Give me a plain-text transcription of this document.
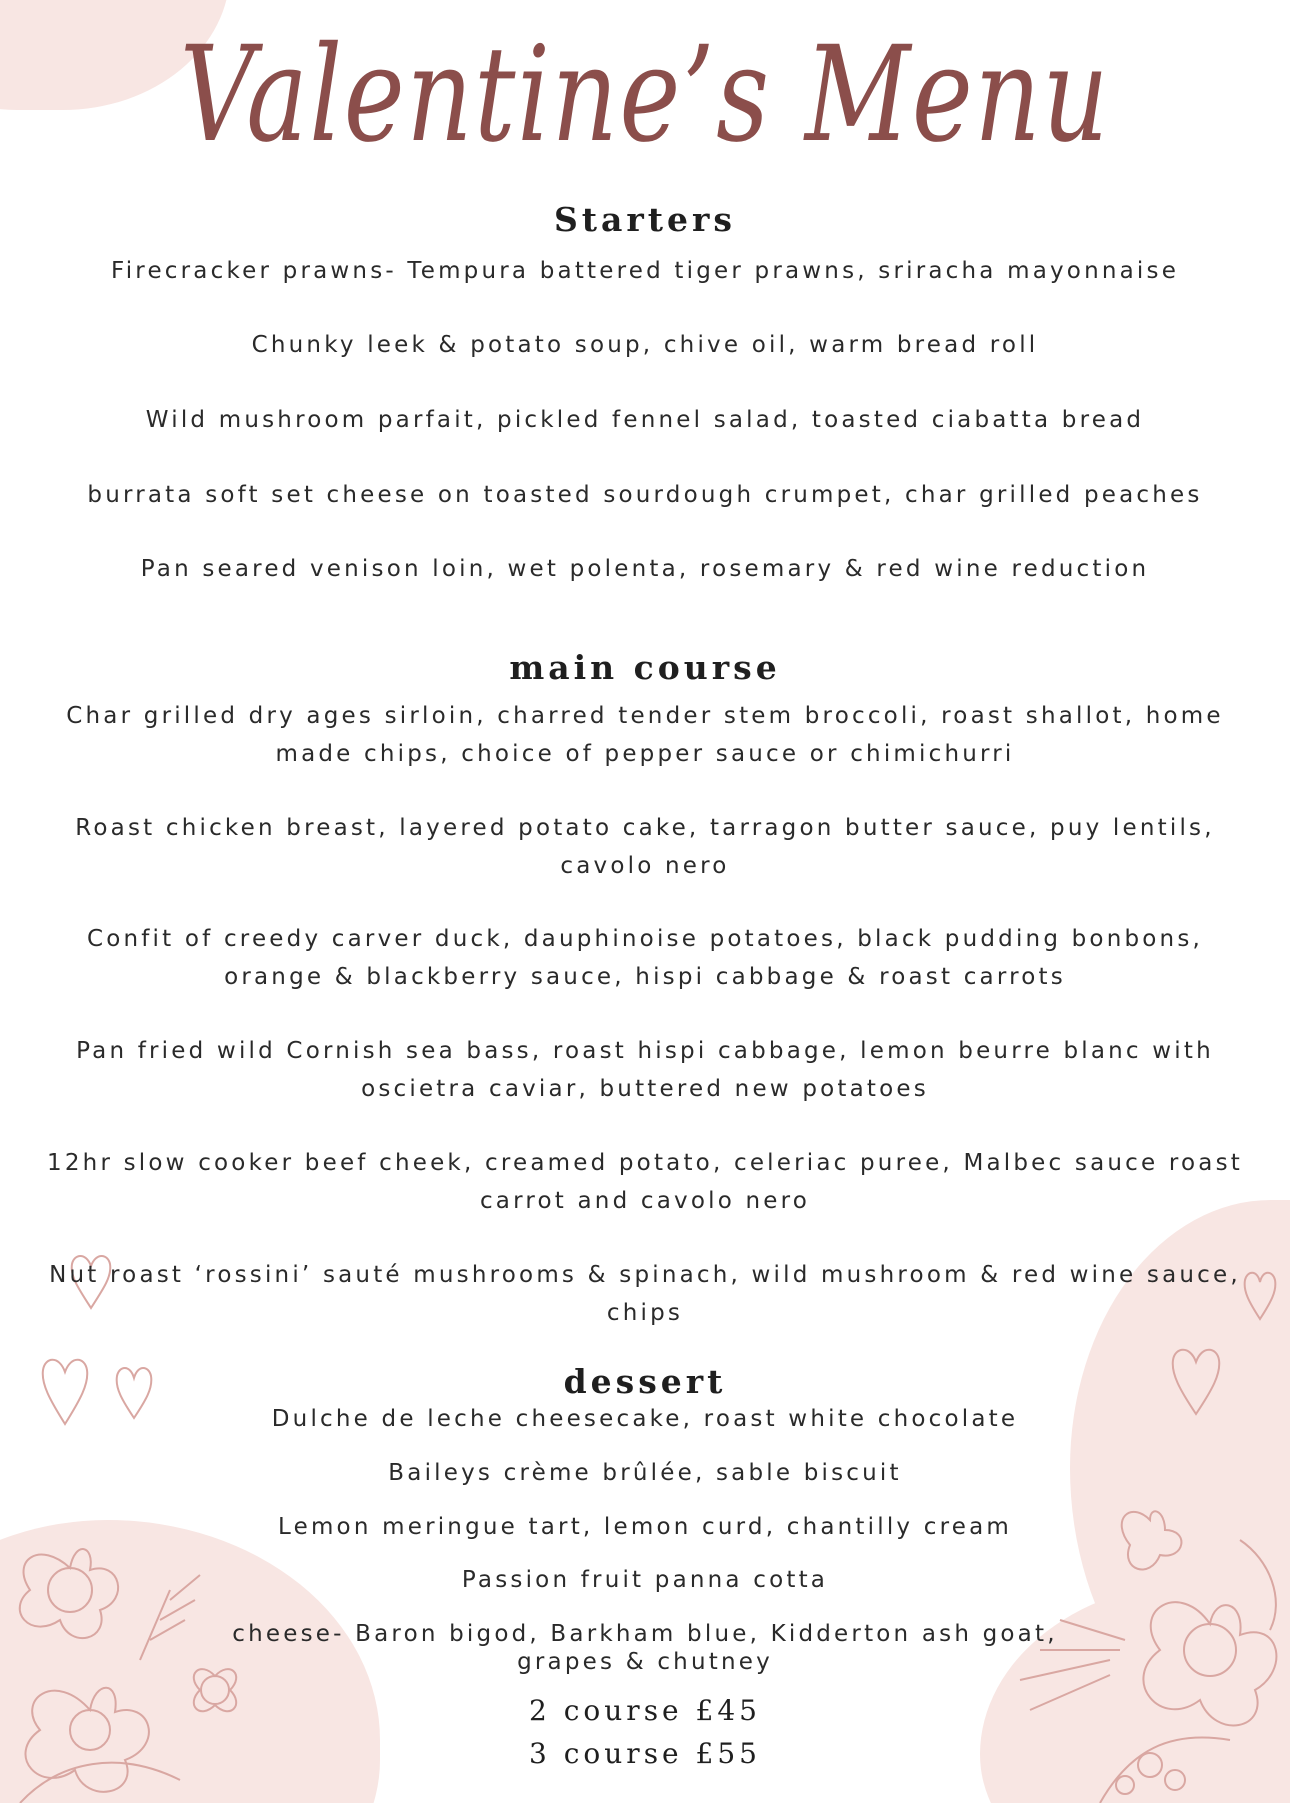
Valentine’s Menu
Starters

Firecracker prawns- Tempura battered tiger prawns, sriracha mayonnaise

Chunky leek & potato soup, chive oil, warm bread roll

Wild mushroom parfait, pickled fennel salad, toasted ciabatta bread

burrata soft set cheese on toasted sourdough crumpet, char grilled peaches

Pan seared venison loin, wet polenta, rosemary & red wine reduction

main course

Char grilled dry ages sirloin, charred tender stem broccoli, roast shallot, home

made chips, choice of pepper sauce or chimichurri

Roast chicken breast, layered potato cake, tarragon butter sauce, puy lentils,

cavolo nero

Confit of creedy carver duck, dauphinoise potatoes, black pudding bonbons,

orange & blackberry sauce, hispi cabbage & roast carrots

Pan fried wild Cornish sea bass, roast hispi cabbage, lemon beurre blanc with

oscietra caviar, buttered new potatoes

12hr slow cooker beef cheek, creamed potato, celeriac puree, Malbec sauce roast

carrot and cavolo nero

Nut roast ‘rossini’ sauté mushrooms & spinach, wild mushroom & red wine sauce,

chips

dessert

Dulche de leche cheesecake, roast white chocolate

Baileys crème brûlée, sable biscuit

Lemon meringue tart, lemon curd, chantilly cream

Passion fruit panna cotta

cheese- Baron bigod, Barkham blue, Kidderton ash goat,

grapes & chutney

2 course £45
3 course £55
